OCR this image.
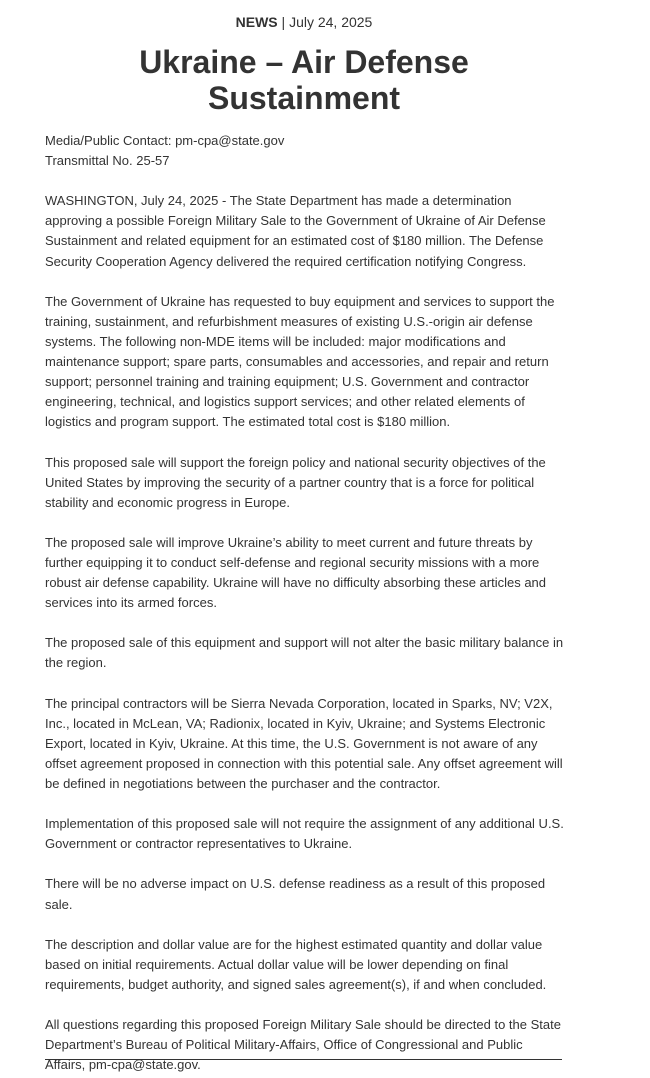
NEWS | July 24, 2025
Ukraine – Air Defense
Sustainment

Media/Public Contact: pm-cpa@state.gov

Transmittal No. 25-57

WASHINGTON, July 24, 2025 - The State Department has made a determination approving a possible Foreign Military Sale to the Government of Ukraine of Air Defense Sustainment and related equipment for an estimated cost of $180 million. The Defense Security Cooperation Agency delivered the required certification notifying Congress.

The Government of Ukraine has requested to buy equipment and services to support the training, sustainment, and refurbishment measures of existing U.S.-origin air defense systems. The following non-MDE items will be included: major modifications and maintenance support; spare parts, consumables and accessories, and repair and return support; personnel training and training equipment; U.S. Government and contractor engineering, technical, and logistics support services; and other related elements of logistics and program support. The estimated total cost is $180 million.

This proposed sale will support the foreign policy and national security objectives of the United States by improving the security of a partner country that is a force for political stability and economic progress in Europe.

The proposed sale will improve Ukraine’s ability to meet current and future threats by further equipping it to conduct self-defense and regional security missions with a more robust air defense capability. Ukraine will have no difficulty absorbing these articles and services into its armed forces.

The proposed sale of this equipment and support will not alter the basic military balance in the region.

The principal contractors will be Sierra Nevada Corporation, located in Sparks, NV; V2X, Inc., located in McLean, VA; Radionix, located in Kyiv, Ukraine; and Systems Electronic Export, located in Kyiv, Ukraine. At this time, the U.S. Government is not aware of any offset agreement proposed in connection with this potential sale. Any offset agreement will be defined in negotiations between the purchaser and the contractor.

Implementation of this proposed sale will not require the assignment of any additional U.S. Government or contractor representatives to Ukraine.

There will be no adverse impact on U.S. defense readiness as a result of this proposed sale.

The description and dollar value are for the highest estimated quantity and dollar value based on initial requirements. Actual dollar value will be lower depending on final requirements, budget authority, and signed sales agreement(s), if and when concluded.

All questions regarding this proposed Foreign Military Sale should be directed to the State Department’s Bureau of Political Military-Affairs, Office of Congressional and Public Affairs, pm-cpa@state.gov.
